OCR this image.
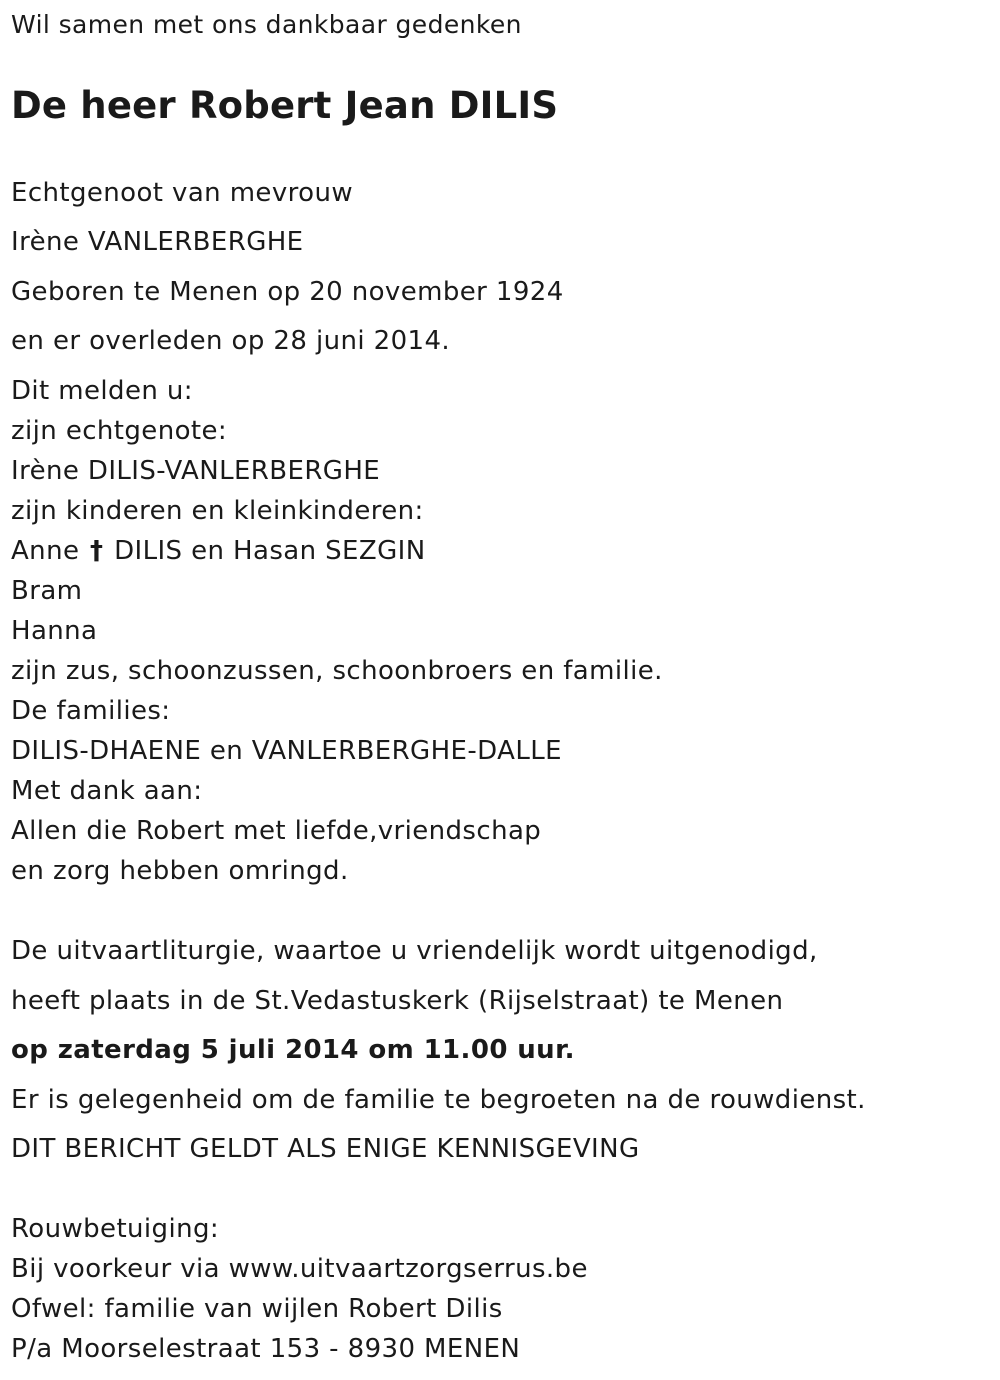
Wil samen met ons dankbaar gedenken
De heer Robert Jean DILIS
Echtgenoot van mevrouw
Irène VANLERBERGHE
Geboren te Menen op 20 november 1924
en er overleden op 28 juni 2014.
Dit melden u:
zijn echtgenote:
Irène DILIS-VANLERBERGHE
zijn kinderen en kleinkinderen:
Anne † DILIS en Hasan SEZGIN
Bram
Hanna
zijn zus, schoonzussen, schoonbroers en familie.
De families:
DILIS-DHAENE en VANLERBERGHE-DALLE
Met dank aan:
Allen die Robert met liefde,vriendschap
en zorg hebben omringd.
De uitvaartliturgie, waartoe u vriendelijk wordt uitgenodigd,
heeft plaats in de St.Vedastuskerk (Rijselstraat) te Menen
op zaterdag 5 juli 2014 om 11.00 uur.
Er is gelegenheid om de familie te begroeten na de rouwdienst.
DIT BERICHT GELDT ALS ENIGE KENNISGEVING
Rouwbetuiging:
Bij voorkeur via www.uitvaartzorgserrus.be
Ofwel: familie van wijlen Robert Dilis
P/a Moorselestraat 153 - 8930 MENEN
